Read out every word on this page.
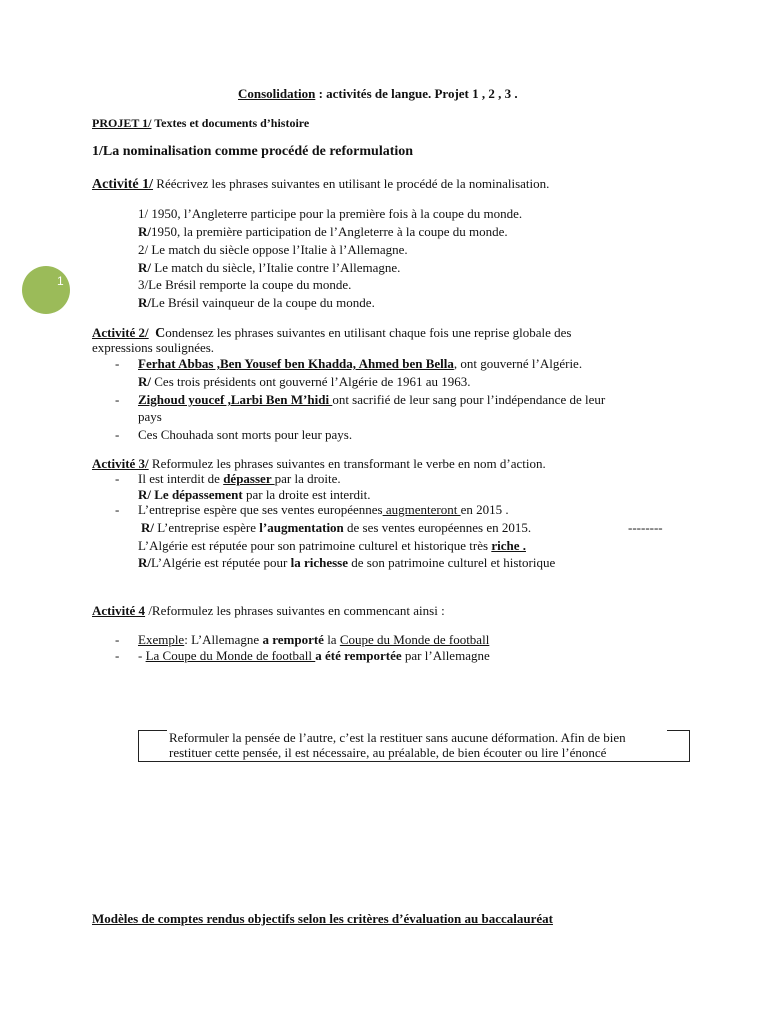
1
Consolidation : activités de langue. Projet 1 , 2 , 3 .
PROJET 1/ Textes et documents d’histoire
1/La nominalisation comme procédé de reformulation
Activité 1/ Réécrivez les phrases suivantes en utilisant le procédé de la nominalisation.
1/ 1950, l’Angleterre participe pour la première fois à la coupe du monde.
R/1950, la première participation de l’Angleterre à la coupe du monde.
2/ Le match du siècle oppose l’Italie à l’Allemagne.
R/ Le match du siècle, l’Italie contre l’Allemagne.
3/Le Brésil remporte la coupe du monde.
R/Le Brésil vainqueur de la coupe du monde.
Activité 2/ Condensez les phrases suivantes en utilisant chaque fois une reprise globale des
expressions soulignées.
- Ferhat Abbas ,Ben Yousef ben Khadda, Ahmed ben Bella, ont gouverné l’Algérie.
R/ Ces trois présidents ont gouverné l’Algérie de 1961 au 1963.
- Zighoud youcef ,Larbi Ben M’hidi ont sacrifié de leur sang pour l’indépendance de leur
pays
- Ces Chouhada sont morts pour leur pays.
Activité 3/ Reformulez les phrases suivantes en transformant le verbe en nom d’action.
- Il est interdit de dépasser par la droite.
R/ Le dépassement par la droite est interdit.
- L’entreprise espère que ses ventes européennes augmenteront en 2015 .
R/ L’entreprise espère l’augmentation de ses ventes européennes en 2015.	--------
L’Algérie est réputée pour son patrimoine culturel et historique très riche .
R/L’Algérie est réputée pour la richesse de son patrimoine culturel et historique
Activité 4 /Reformulez les phrases suivantes en commencant ainsi :
- Exemple: L’Allemagne a remporté la Coupe du Monde de football
- - La Coupe du Monde de football a été remportée par l’Allemagne
Reformuler la pensée de l’autre, c’est la restituer sans aucune déformation. Afin de bien
restituer cette pensée, il est nécessaire, au préalable, de bien écouter ou lire l’énoncé
Modèles de comptes rendus objectifs selon les critères d’évaluation au baccalauréat
